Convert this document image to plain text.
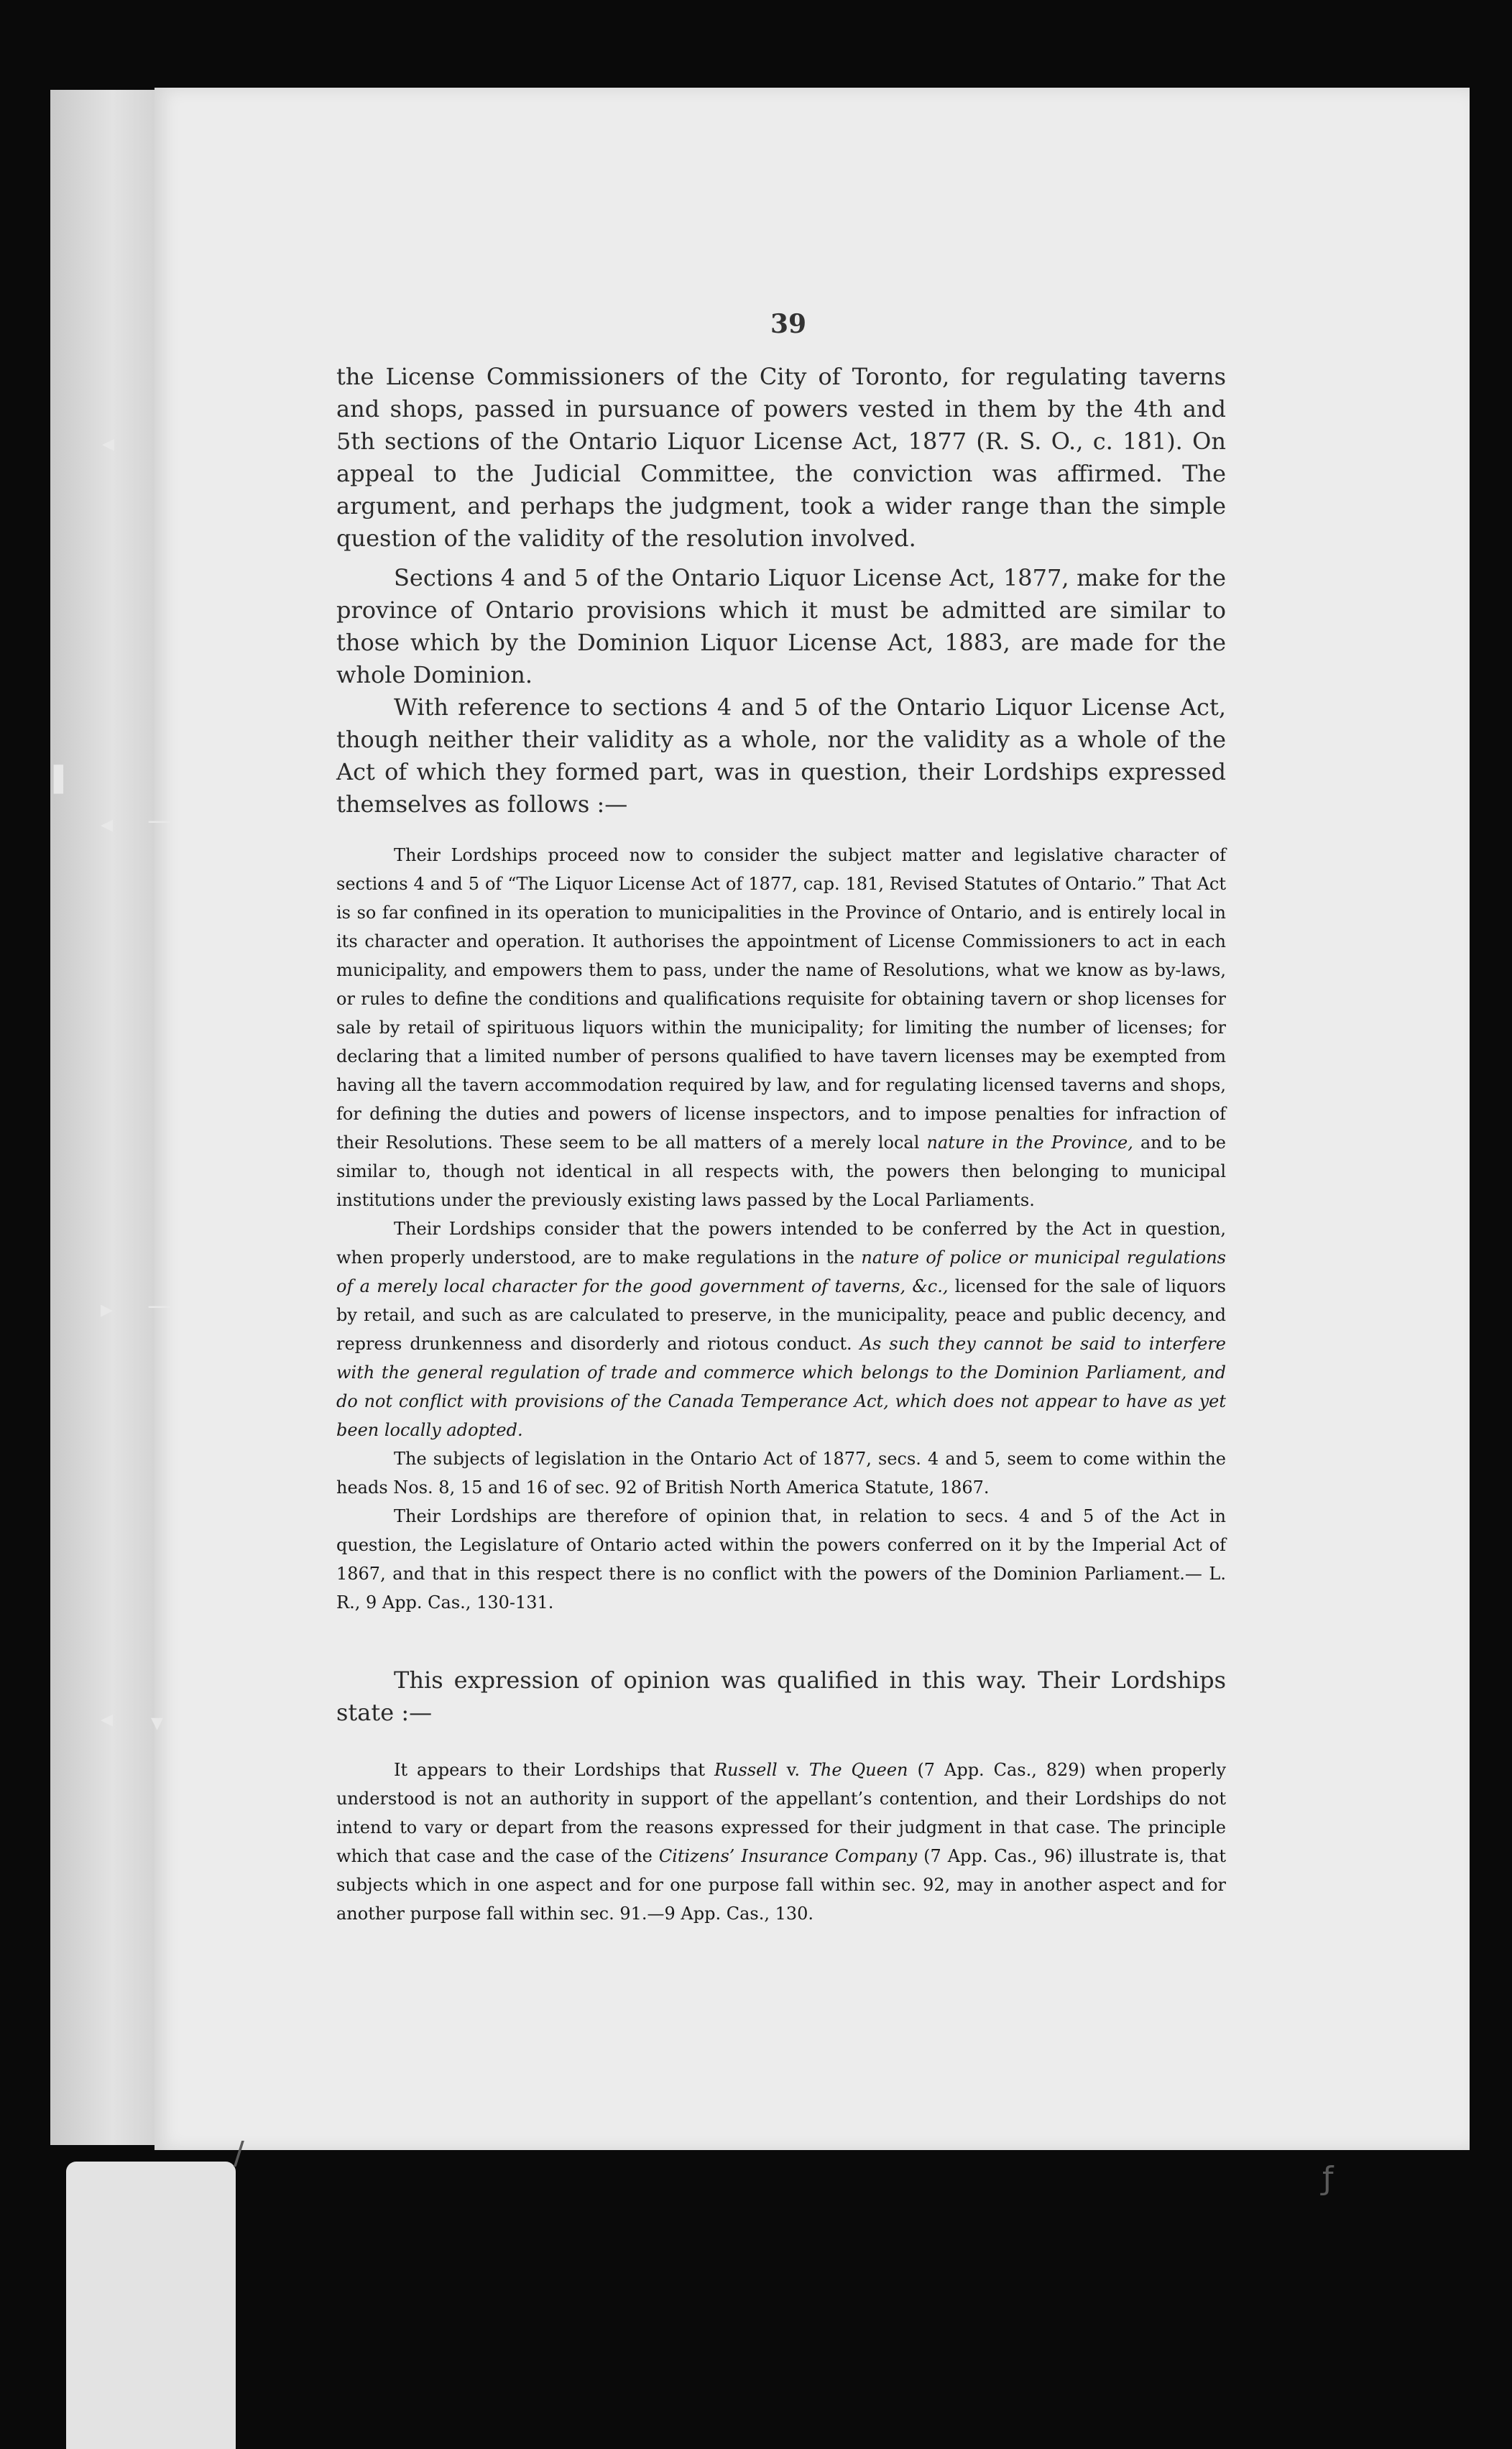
◂
▌
◂ —
▸ —
◂ ▾
/
ƒ
39

the License Commissioners of the City of Toronto, for regulating taverns and shops, passed in pursuance of powers vested in them by the 4th and 5th sections of the Ontario Liquor License Act, 1877 (R. S. O., c. 181). On appeal to the Judicial Committee, the conviction was affirmed. The argument, and perhaps the judgment, took a wider range than the simple question of the validity of the resolution involved.

Sections 4 and 5 of the Ontario Liquor License Act, 1877, make for the province of Ontario provisions which it must be admitted are similar to those which by the Dominion Liquor License Act, 1883, are made for the whole Dominion.

With reference to sections 4 and 5 of the Ontario Liquor License Act, though neither their validity as a whole, nor the validity as a whole of the Act of which they formed part, was in question, their Lordships expressed themselves as follows :—

Their Lordships proceed now to consider the subject matter and legislative character of sections 4 and 5 of “The Liquor License Act of 1877, cap. 181, Revised Statutes of Ontario.” That Act is so far confined in its operation to municipalities in the Province of Ontario, and is entirely local in its character and operation. It authorises the appointment of License Commissioners to act in each municipality, and empowers them to pass, under the name of Resolutions, what we know as by-laws, or rules to define the conditions and qualifications requisite for obtaining tavern or shop licenses for sale by retail of spirituous liquors within the municipality; for limiting the number of licenses; for declaring that a limited number of persons qualified to have tavern licenses may be exempted from having all the tavern accommodation required by law, and for regulating licensed taverns and shops, for defining the duties and powers of license inspectors, and to impose penalties for infraction of their Resolutions. These seem to be all matters of a merely local nature in the Province, and to be similar to, though not identical in all respects with, the powers then belonging to municipal institutions under the previously existing laws passed by the Local Parliaments.

Their Lordships consider that the powers intended to be conferred by the Act in question, when properly understood, are to make regulations in the nature of police or municipal regulations of a merely local character for the good government of taverns, &c., licensed for the sale of liquors by retail, and such as are calculated to preserve, in the municipality, peace and public decency, and repress drunkenness and disorderly and riotous conduct. As such they cannot be said to interfere with the general regulation of trade and commerce which belongs to the Dominion Parliament, and do not conflict with provisions of the Canada Temperance Act, which does not appear to have as yet been locally adopted.

The subjects of legislation in the Ontario Act of 1877, secs. 4 and 5, seem to come within the heads Nos. 8, 15 and 16 of sec. 92 of British North America Statute, 1867.

Their Lordships are therefore of opinion that, in relation to secs. 4 and 5 of the Act in question, the Legislature of Ontario acted within the powers conferred on it by the Imperial Act of 1867, and that in this respect there is no conflict with the powers of the Dominion Parliament.— L. R., 9 App. Cas., 130-131.

This expression of opinion was qualified in this way. Their Lordships state :—

It appears to their Lordships that Russell v. The Queen (7 App. Cas., 829) when properly understood is not an authority in support of the appellant’s contention, and their Lordships do not intend to vary or depart from the reasons expressed for their judgment in that case. The principle which that case and the case of the Citizens’ Insurance Company (7 App. Cas., 96) illustrate is, that subjects which in one aspect and for one purpose fall within sec. 92, may in another aspect and for another purpose fall within sec. 91.—9 App. Cas., 130.
